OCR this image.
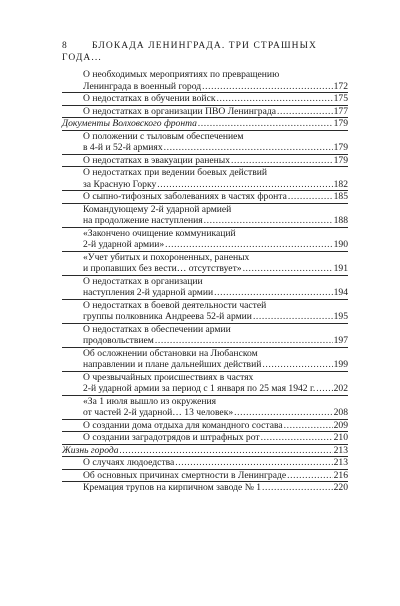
8	БЛОКАДА ЛЕНИНГРАДА. ТРИ СТРАШНЫХ ГОДА...
О необходимых мероприятиях по превращению
Ленинграда в военный город .....	172
О недостатках в обучении войск .....	175
О недостатках в организации ПВО Ленинграда .....	177
Документы Волховского фронта .....	179
О положении с тыловым обеспечением
в 4-й и 52-й армиях .....	179
О недостатках в эвакуации раненых .....	179
О недостатках при ведении боевых действий
за Красную Горку .....	182
О сыпно-тифозных заболеваниях в частях фронта .....	185
Командующему 2-й ударной армией
на продолжение наступления .....	188
«Закончено очищение коммуникаций
2-й ударной армии» .....	190
«Учет убитых и похороненных, раненых
и пропавших без вести… отсутствует» .....	191
О недостатках в организации
наступления 2-й ударной армии .....	194
О недостатках в боевой деятельности частей
группы полковника Андреева 52-й армии .....	195
О недостатках в обеспечении армии
продовольствием .....	197
Об осложнении обстановки на Любанском
направлении и плане дальнейших действий .....	199
О чрезвычайных происшествиях в частях
2-й ударной армии за период с 1 января по 25 мая 1942 г. ..... 202
«За 1 июля вышло из окружения
от частей 2-й ударной… 13 человек» .....	208
О создании дома отдыха для командного состава .....	209
О создании заградотрядов и штрафных рот .....	210
Жизнь города .....	213
О случаях людоедства .....	213
Об основных причинах смертности в Ленинграде .....	216
Кремация трупов на кирпичном заводе № 1 .....	220
